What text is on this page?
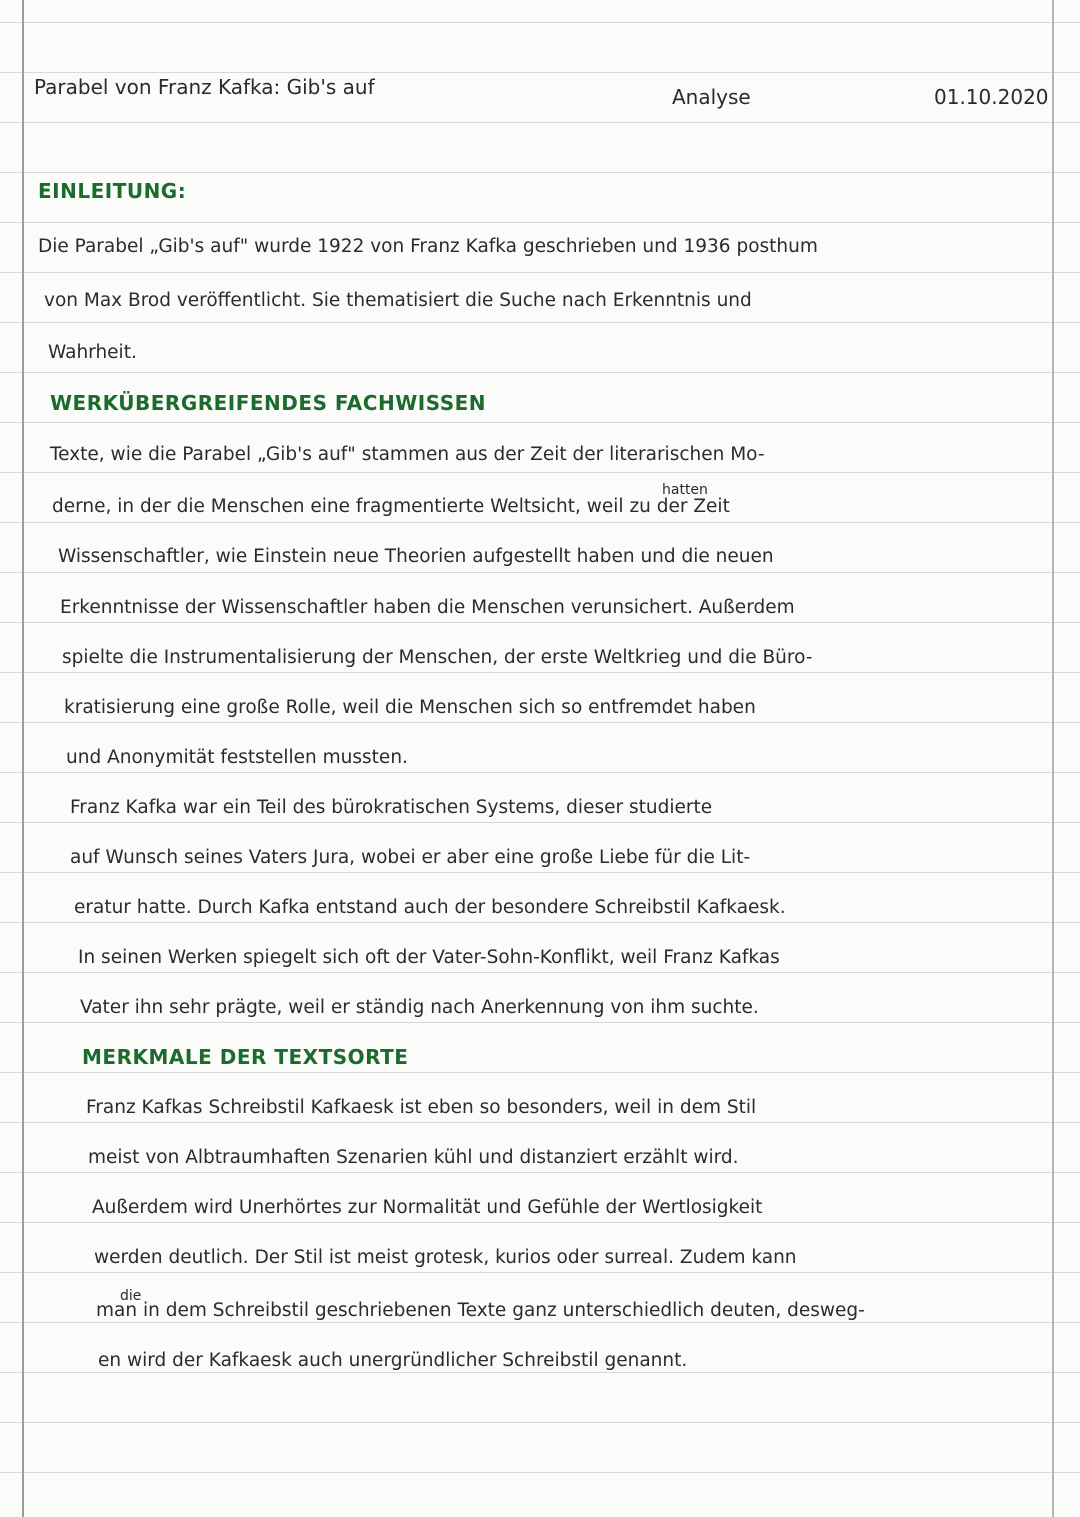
Parabel von Franz Kafka: Gib's auf	Analyse	01.10.2020
EINLEITUNG:
Die Parabel „Gib's auf" wurde 1922 von Franz Kafka geschrieben und 1936 posthum
von Max Brod veröffentlicht. Sie thematisiert die Suche nach Erkenntnis und
Wahrheit.
WERKÜBERGREIFENDES FACHWISSEN
Texte, wie die Parabel „Gib's auf" stammen aus der Zeit der literarischen Mo-
hatten
derne, in der die Menschen eine fragmentierte Weltsicht, weil zu der Zeit
Wissenschaftler, wie Einstein neue Theorien aufgestellt haben und die neuen
Erkenntnisse der Wissenschaftler haben die Menschen verunsichert. Außerdem
spielte die Instrumentalisierung der Menschen, der erste Weltkrieg und die Büro-
kratisierung eine große Rolle, weil die Menschen sich so entfremdet haben
und Anonymität feststellen mussten.
Franz Kafka war ein Teil des bürokratischen Systems, dieser studierte
auf Wunsch seines Vaters Jura, wobei er aber eine große Liebe für die Lit-
eratur hatte. Durch Kafka entstand auch der besondere Schreibstil Kafkaesk.
In seinen Werken spiegelt sich oft der Vater-Sohn-Konflikt, weil Franz Kafkas
Vater ihn sehr prägte, weil er ständig nach Anerkennung von ihm suchte.
MERKMALE DER TEXTSORTE
Franz Kafkas Schreibstil Kafkaesk ist eben so besonders, weil in dem Stil
meist von Albtraumhaften Szenarien kühl und distanziert erzählt wird.
Außerdem wird Unerhörtes zur Normalität und Gefühle der Wertlosigkeit
werden deutlich. Der Stil ist meist grotesk, kurios oder surreal. Zudem kann
die
man in dem Schreibstil geschriebenen Texte ganz unterschiedlich deuten, desweg-
en wird der Kafkaesk auch unergründlicher Schreibstil genannt.
